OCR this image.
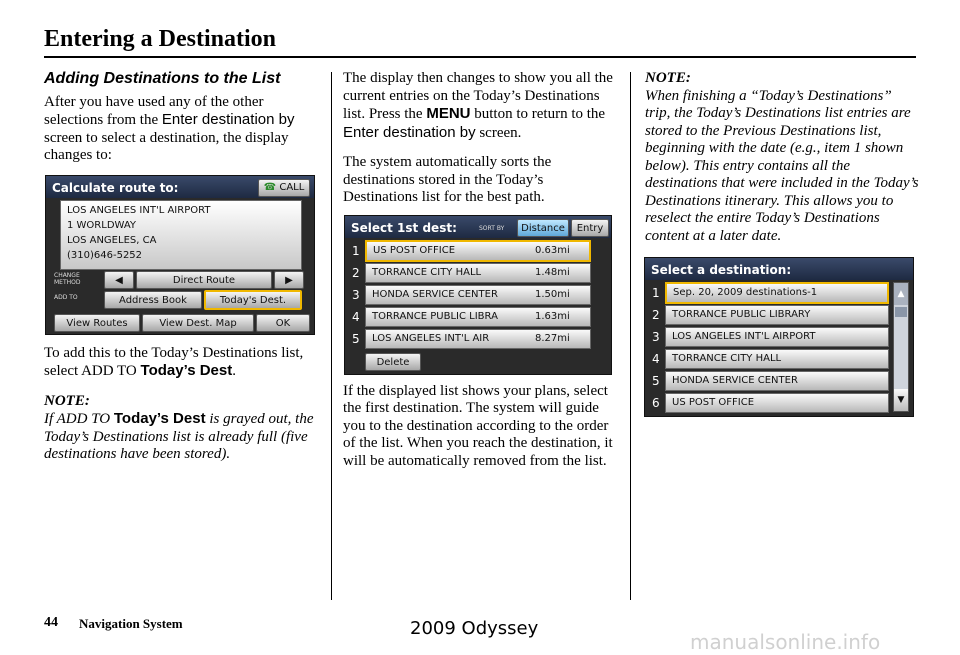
Entering a Destination
Adding Destinations to the List

After you have used any of the other selections from the Enter destination by screen to select a destination, the display changes to:

Calculate route to:	☎ CALL
LOS ANGELES INT'L AIRPORT
1 WORLDWAY
LOS ANGELES, CA
(310)646-5252
CHANGE METHOD	◀	Direct Route	▶
ADD TO	Address Book	Today's Dest.
View Routes	View Dest. Map	OK

To add this to the Today’s Destinations list, select ADD TO Today’s Dest.

NOTE:

If ADD TO Today’s Dest is grayed out, the Today’s Destinations list is already full (five destinations have been stored).

The display then changes to show you all the current entries on the Today’s Destinations list. Press the MENU button to return to the Enter destination by screen.

The system automatically sorts the destinations stored in the Today’s Destinations list for the best path.

Select 1st dest:	SORT BY	Distance	Entry
1	US POST OFFICE	0.63mi
2	TORRANCE CITY HALL	1.48mi
3	HONDA SERVICE CENTER	1.50mi
4	TORRANCE PUBLIC LIBRA	1.63mi
5	LOS ANGELES INT'L AIR	8.27mi
Delete

If the displayed list shows your plans, select the first destination. The system will guide you to the destination according to the order of the list. When you reach the destination, it will be automatically removed from the list.

NOTE:

When finishing a “Today’s Destinations” trip, the Today’s Destinations list entries are stored to the Previous Destinations list, beginning with the date (e.g., item 1 shown below). This entry contains all the destinations that were included in the Today’s Destinations itinerary. This allows you to reselect the entire Today’s Destinations content at a later date.

Select a destination:
1	Sep. 20, 2009 destinations-1
2	TORRANCE PUBLIC LIBRARY
3	LOS ANGELES INT'L AIRPORT
4	TORRANCE CITY HALL
5	HONDA SERVICE CENTER
6	US POST OFFICE
▲
▼
44 Navigation System	2009 Odyssey
manualsonline.info
